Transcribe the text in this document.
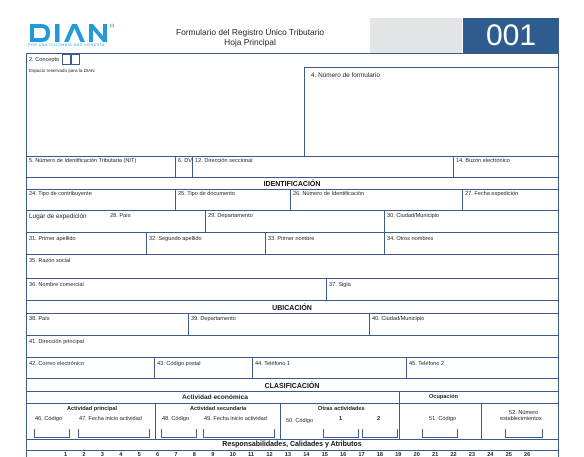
POR UNA COLOMBIA MÁS HONESTA
Formulario del Registro Único Tributario
Hoja Principal	001
2. Concepto
Espacio reservado para la DIAN
4. Número de formulario
5. Número de Identificación Tributaria (NIT)	6. DV 12. Dirección seccional	14. Buzón electrónico
IDENTIFICACIÓN
24. Tipo de contribuyente	25. Tipo de documento	26. Número de Identificación	27. Fecha expedición
Lugar de expedición	28. País	29. Departamento	30. Ciudad/Municipio
31. Primer apellido	32. Segundo apellido	33. Primer nombre	34. Otros nombres
35. Razón social
36. Nombre comercial	37. Sigla
UBICACIÓN
38. País	39. Departamento	40. Ciudad/Municipio
41. Dirección principal
42. Correo electrónico	43. Código postal	44. Teléfono 1	45. Teléfono 2
CLASIFICACIÓN
Actividad económica	Ocupación
Actividad principal	Actividad secundaria	Otras actividades
46. Código	47. Fecha inicio actividad	48. Código	49. Fecha inicio actividad	50. Código	1	2	51. Código
52. Número
establecimientos
Responsabilidades, Calidades y Atributos
1	2	3	4	5	6	7	8	9	10 11 12 13 14 15 16 17 18 19 20 21 22 23 24 25 26
